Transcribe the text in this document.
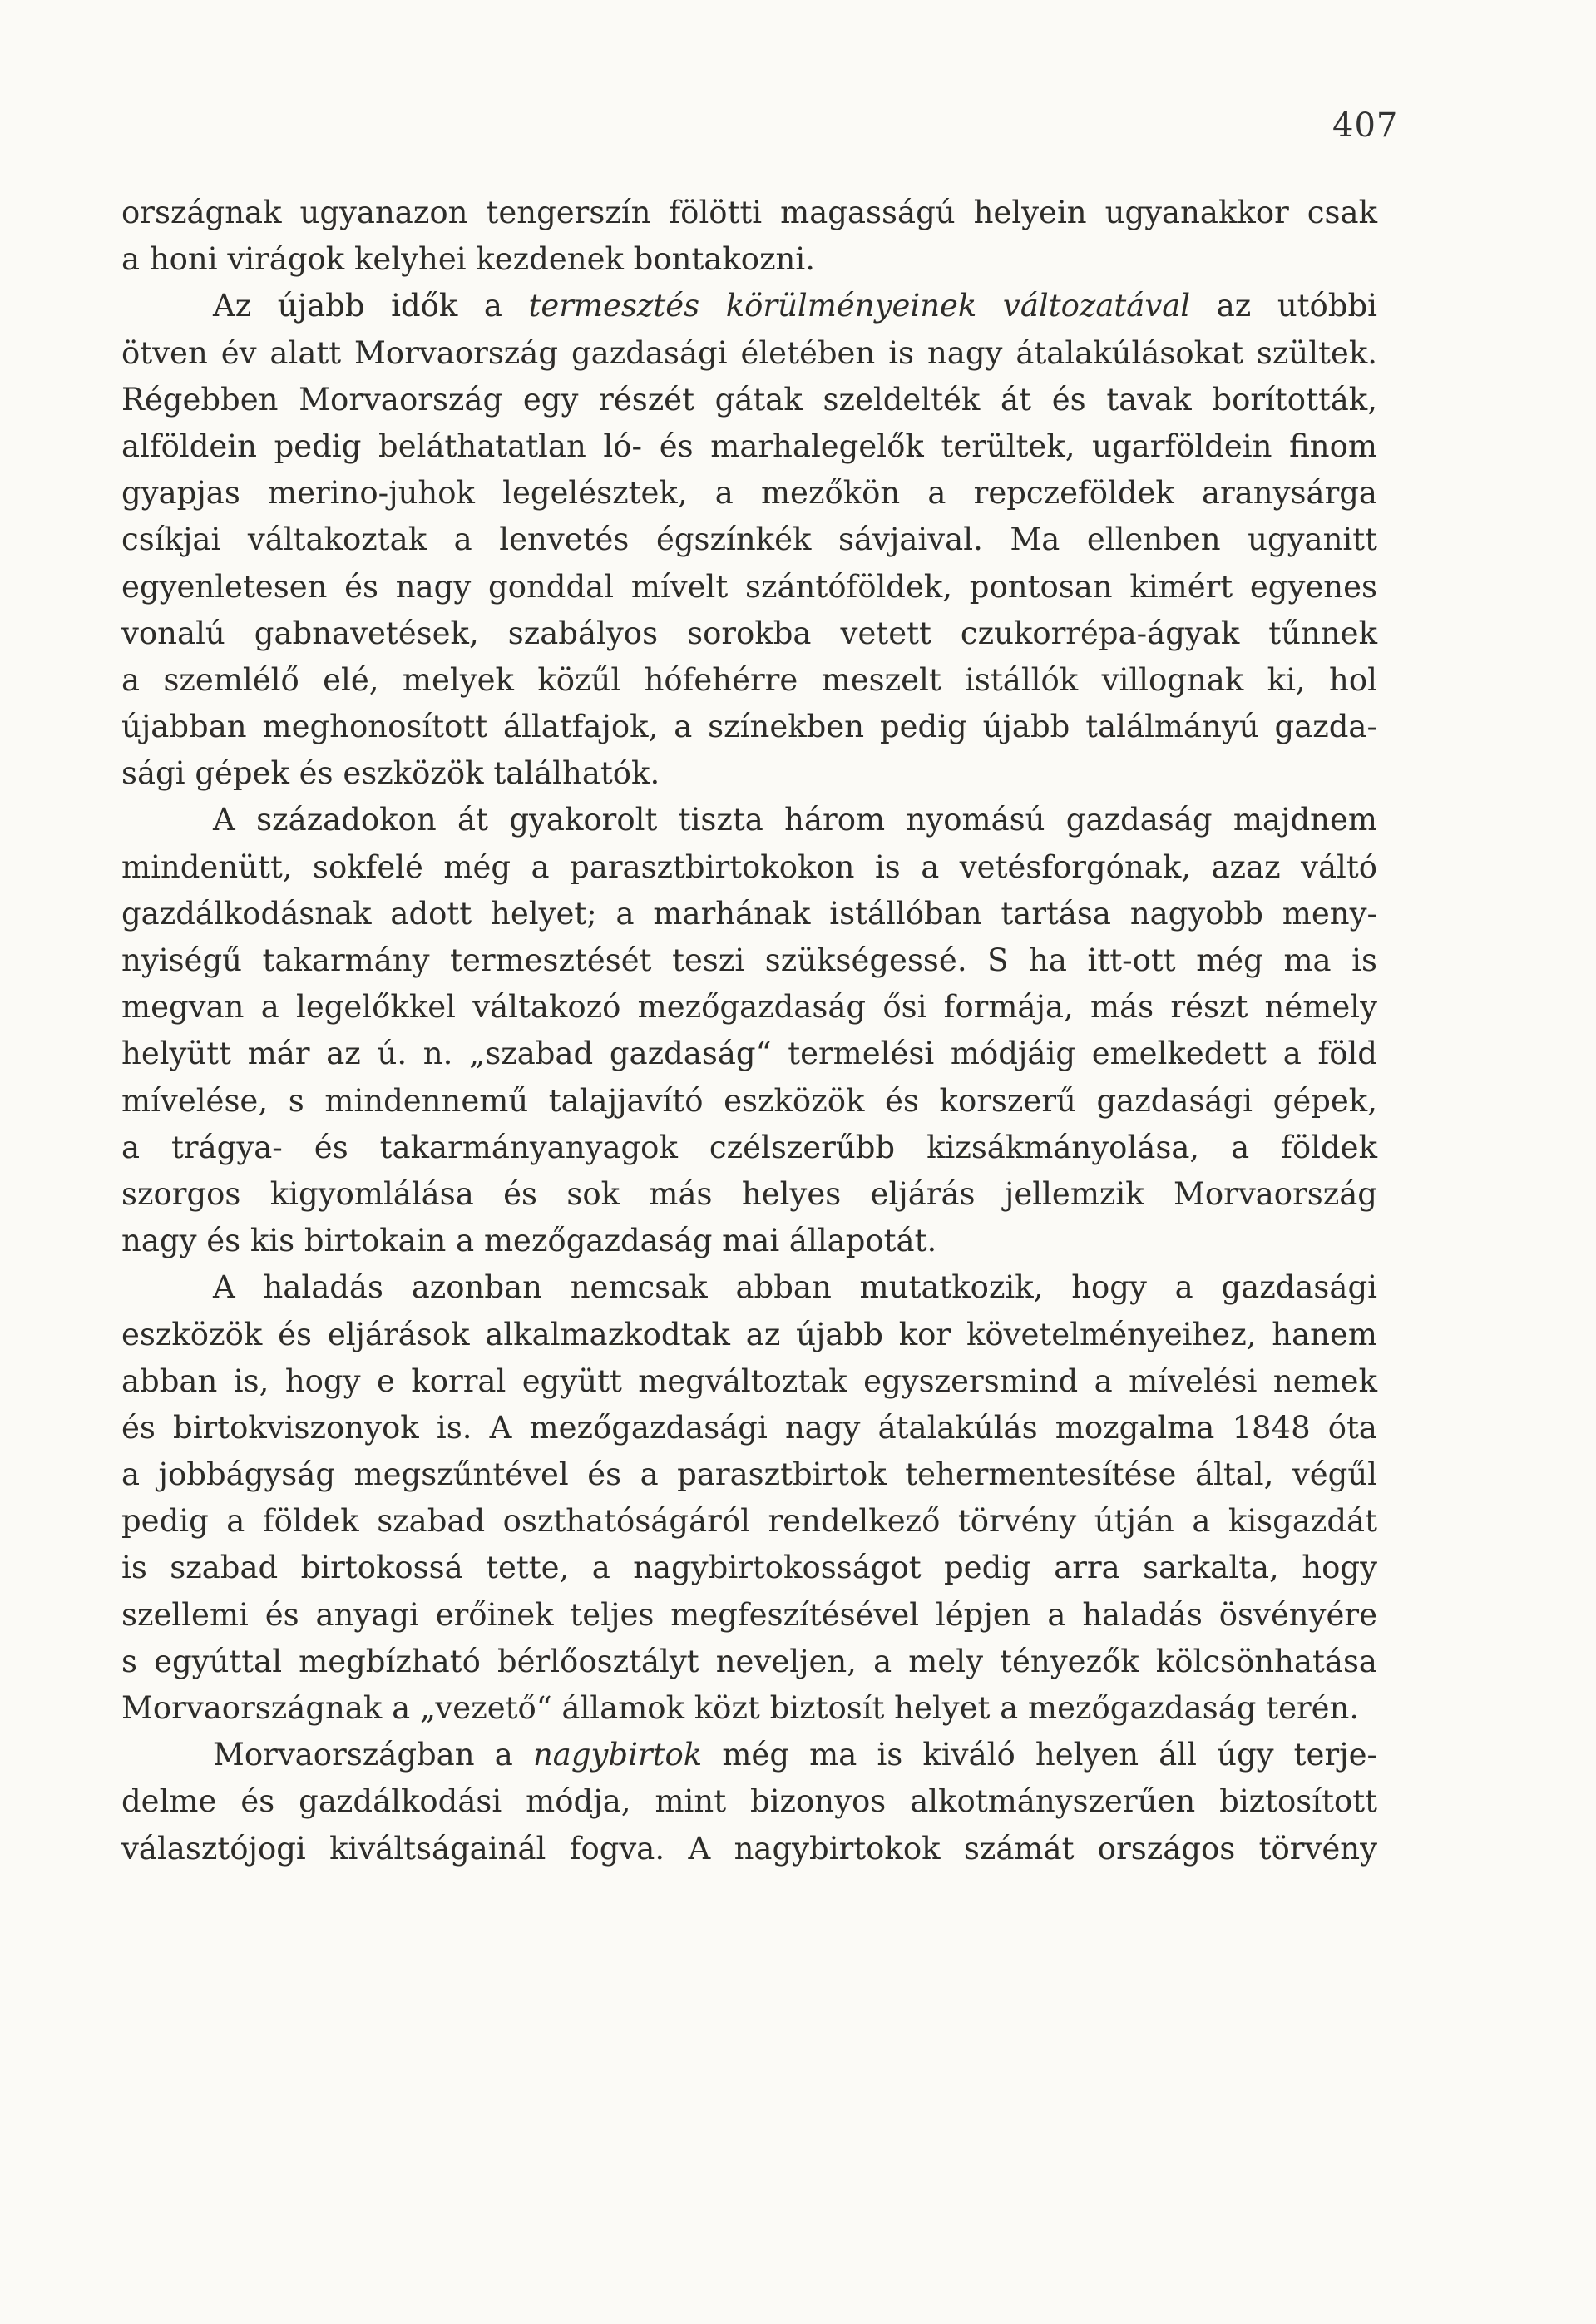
407
országnak ugyanazon tengerszín fölötti magasságú helyein ugyanakkor csak
a honi virágok kelyhei kezdenek bontakozni.
Az újabb idők a termesztés körülményeinek változatával az utóbbi
ötven év alatt Morvaország gazdasági életében is nagy átalakúlásokat szültek.
Régebben Morvaország egy részét gátak szeldelték át és tavak borították,
alföldein pedig beláthatatlan ló- és marhalegelők terültek, ugarföldein finom
gyapjas merino-juhok legelésztek, a mezőkön a repczeföldek aranysárga
csíkjai váltakoztak a lenvetés égszínkék sávjaival. Ma ellenben ugyanitt
egyenletesen és nagy gonddal mívelt szántóföldek, pontosan kimért egyenes
vonalú gabnavetések, szabályos sorokba vetett czukorrépa-ágyak tűnnek
a szemlélő elé, melyek közűl hófehérre meszelt istállók villognak ki, hol
újabban meghonosított állatfajok, a színekben pedig újabb találmányú gazda-
sági gépek és eszközök találhatók.
A századokon át gyakorolt tiszta három nyomású gazdaság majdnem
mindenütt, sokfelé még a parasztbirtokokon is a vetésforgónak, azaz váltó
gazdálkodásnak adott helyet; a marhának istállóban tartása nagyobb meny-
nyiségű takarmány termesztését teszi szükségessé. S ha itt-ott még ma is
megvan a legelőkkel váltakozó mezőgazdaság ősi formája, más részt némely
helyütt már az ú. n. „szabad gazdaság“ termelési módjáig emelkedett a föld
mívelése, s mindennemű talajjavító eszközök és korszerű gazdasági gépek,
a trágya- és takarmányanyagok czélszerűbb kizsákmányolása, a földek
szorgos kigyomlálása és sok más helyes eljárás jellemzik Morvaország
nagy és kis birtokain a mezőgazdaság mai állapotát.
A haladás azonban nemcsak abban mutatkozik, hogy a gazdasági
eszközök és eljárások alkalmazkodtak az újabb kor követelményeihez, hanem
abban is, hogy e korral együtt megváltoztak egyszersmind a mívelési nemek
és birtokviszonyok is. A mezőgazdasági nagy átalakúlás mozgalma 1848 óta
a jobbágyság megszűntével és a parasztbirtok tehermentesítése által, végűl
pedig a földek szabad oszthatóságáról rendelkező törvény útján a kisgazdát
is szabad birtokossá tette, a nagybirtokosságot pedig arra sarkalta, hogy
szellemi és anyagi erőinek teljes megfeszítésével lépjen a haladás ösvényére
s egyúttal megbízható bérlőosztályt neveljen, a mely tényezők kölcsönhatása
Morvaországnak a „vezető“ államok közt biztosít helyet a mezőgazdaság terén.
Morvaországban a nagybirtok még ma is kiváló helyen áll úgy terje-
delme és gazdálkodási módja, mint bizonyos alkotmányszerűen biztosított
választójogi kiváltságainál fogva. A nagybirtokok számát országos törvény
